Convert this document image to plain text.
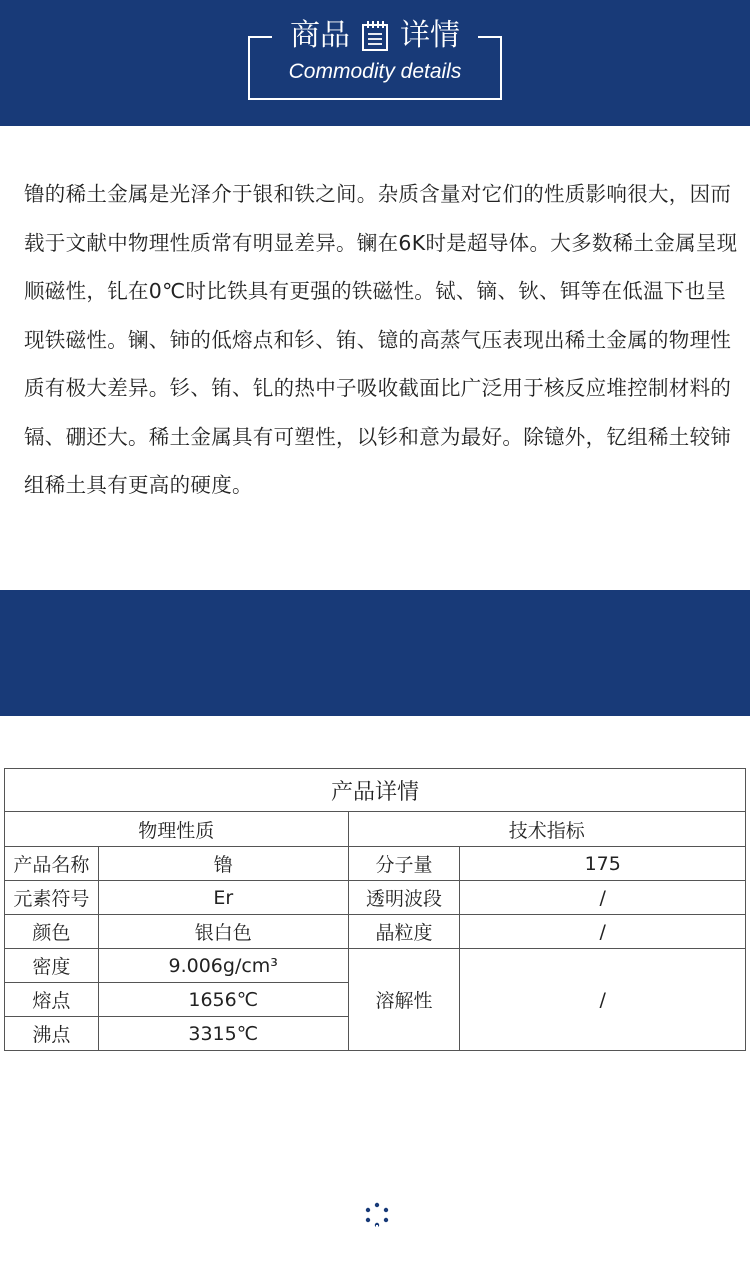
商品 详情
Commodity details

镥的稀土金属是光泽介于银和铁之间。杂质含量对它们的性质影响很大，因而载于文献中物理性质常有明显差异。镧在6K时是超导体。大多数稀土金属呈现顺磁性，钆在0℃时比铁具有更强的铁磁性。铽、镝、钬、铒等在低温下也呈现铁磁性。镧、铈的低熔点和钐、铕、镱的高蒸气压表现出稀土金属的物理性质有极大差异。钐、铕、钆的热中子吸收截面比广泛用于核反应堆控制材料的镉、硼还大。稀土金属具有可塑性，以钐和意为最好。除镱外，钇组稀土较铈组稀土具有更高的硬度。

产品 详情
Chemical composition
产品详情			
物理性质		技术指标	
产品名称	镥	分子量	175
元素符号	Er	透明波段	/
颜色	银白色	晶粒度	/
密度	9.006g/cm³	溶解性	/
熔点	1656℃		
沸点	3315℃		
